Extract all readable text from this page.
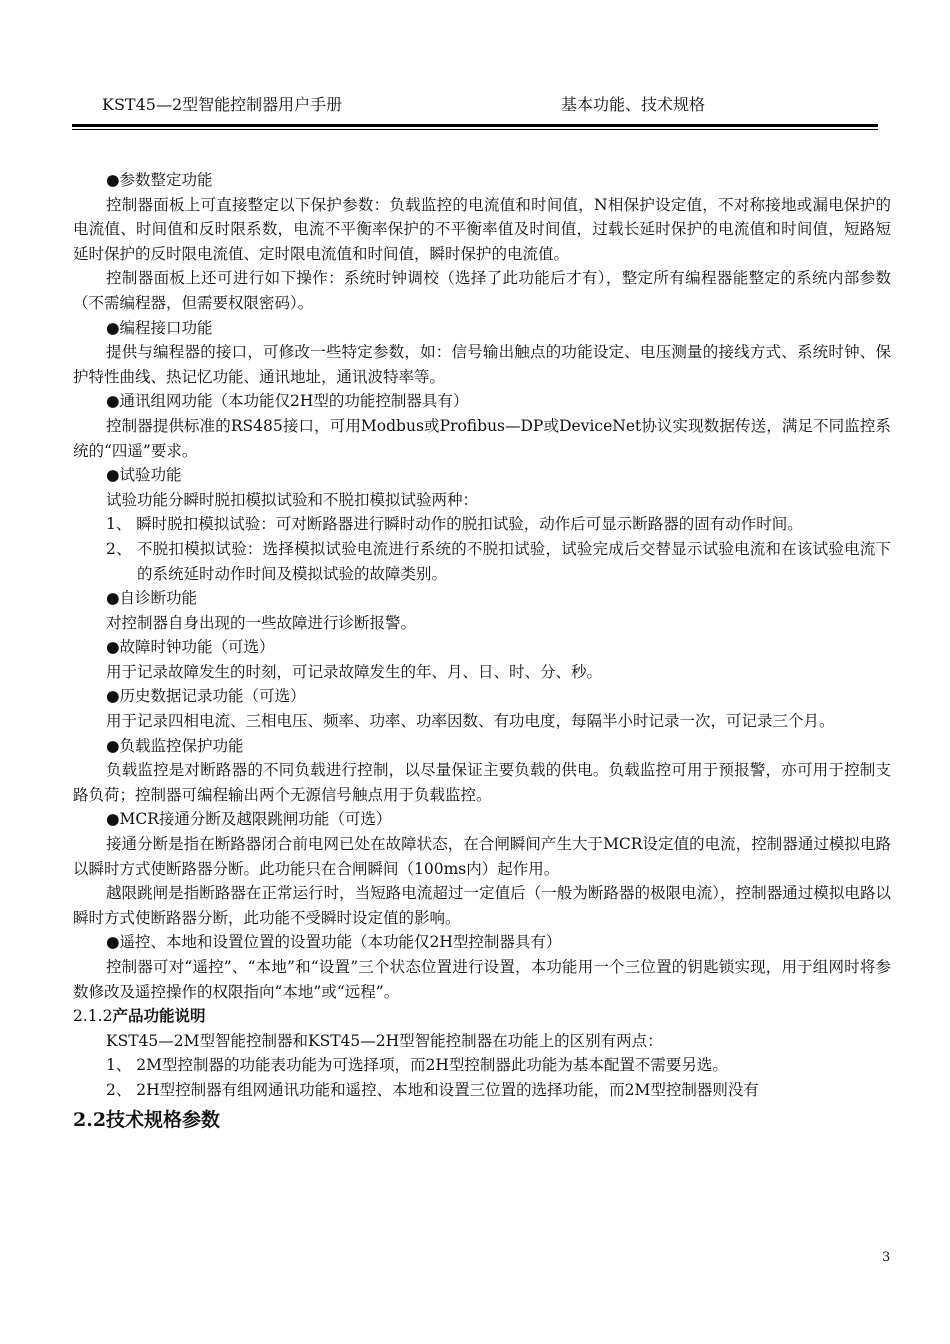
KST45—2型智能控制器用户手册	基本功能、技术规格

●参数整定功能

控制器面板上可直接整定以下保护参数：负载监控的电流值和时间值，N相保护设定值，不对称接地或漏电保护的电流值、时间值和反时限系数，电流不平衡率保护的不平衡率值及时间值，过载长延时保护的电流值和时间值，短路短延时保护的反时限电流值、定时限电流值和时间值，瞬时保护的电流值。

控制器面板上还可进行如下操作：系统时钟调校（选择了此功能后才有），整定所有编程器能整定的系统内部参数（不需编程器，但需要权限密码）。

●编程接口功能

提供与编程器的接口，可修改一些特定参数，如：信号输出触点的功能设定、电压测量的接线方式、系统时钟、保护特性曲线、热记忆功能、通讯地址，通讯波特率等。

●通讯组网功能（本功能仅2H型的功能控制器具有）

控制器提供标准的RS485接口，可用Modbus或Profibus—DP或DeviceNet协议实现数据传送，满足不同监控系统的“四遥”要求。

●试验功能

试验功能分瞬时脱扣模拟试验和不脱扣模拟试验两种：

1、 瞬时脱扣模拟试验：可对断路器进行瞬时动作的脱扣试验，动作后可显示断路器的固有动作时间。

2、 不脱扣模拟试验：选择模拟试验电流进行系统的不脱扣试验，试验完成后交替显示试验电流和在该试验电流下的系统延时动作时间及模拟试验的故障类别。

●自诊断功能

对控制器自身出现的一些故障进行诊断报警。

●故障时钟功能（可选）

用于记录故障发生的时刻，可记录故障发生的年、月、日、时、分、秒。

●历史数据记录功能（可选）

用于记录四相电流、三相电压、频率、功率、功率因数、有功电度，每隔半小时记录一次，可记录三个月。

●负载监控保护功能

负载监控是对断路器的不同负载进行控制，以尽量保证主要负载的供电。负载监控可用于预报警，亦可用于控制支路负荷；控制器可编程输出两个无源信号触点用于负载监控。

●MCR接通分断及越限跳闸功能（可选）

接通分断是指在断路器闭合前电网已处在故障状态，在合闸瞬间产生大于MCR设定值的电流，控制器通过模拟电路以瞬时方式使断路器分断。此功能只在合闸瞬间（100ms内）起作用。

越限跳闸是指断路器在正常运行时，当短路电流超过一定值后（一般为断路器的极限电流），控制器通过模拟电路以瞬时方式使断路器分断，此功能不受瞬时设定值的影响。

●遥控、本地和设置位置的设置功能（本功能仅2H型控制器具有）

控制器可对“遥控”、“本地”和“设置”三个状态位置进行设置，本功能用一个三位置的钥匙锁实现，用于组网时将参数修改及遥控操作的权限指向“本地”或“远程”。

2.1.2产品功能说明

KST45—2M型智能控制器和KST45—2H型智能控制器在功能上的区别有两点：

1、 2M型控制器的功能表功能为可选择项，而2H型控制器此功能为基本配置不需要另选。

2、 2H型控制器有组网通讯功能和遥控、本地和设置三位置的选择功能，而2M型控制器则没有

2.2技术规格参数

3
